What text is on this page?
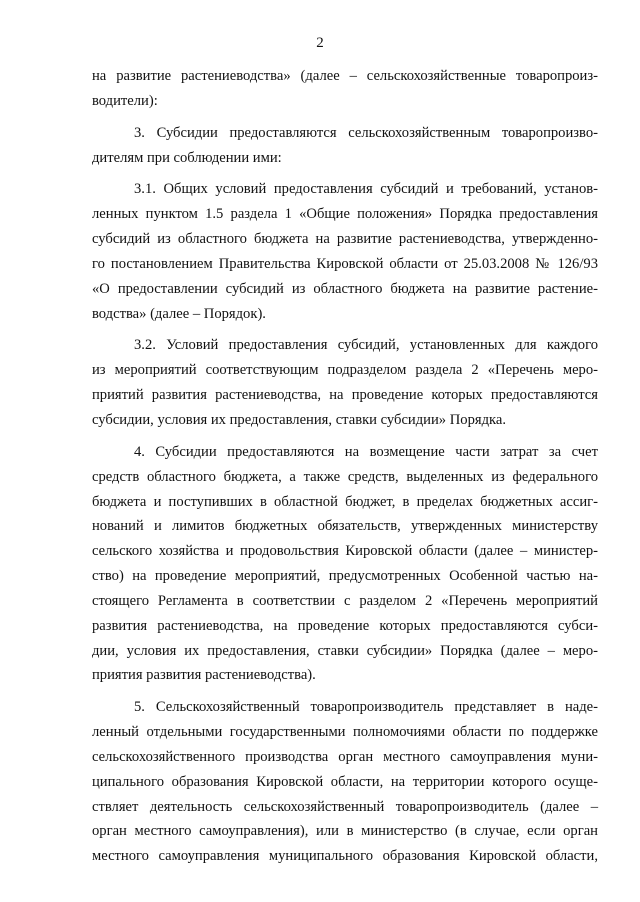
2
на развитие растениеводства» (далее – сельскохозяйственные товаропроиз-
водители):
3. Субсидии предоставляются сельскохозяйственным товаропроизво-
дителям при соблюдении ими:
3.1. Общих условий предоставления субсидий и требований, установ-
ленных пунктом 1.5 раздела 1 «Общие положения» Порядка предоставления
субсидий из областного бюджета на развитие растениеводства, утвержденно-
го постановлением Правительства Кировской области от 25.03.2008 № 126/93
«О предоставлении субсидий из областного бюджета на развитие растение-
водства» (далее – Порядок).
3.2. Условий предоставления субсидий, установленных для каждого
из мероприятий соответствующим подразделом раздела 2 «Перечень меро-
приятий развития растениеводства, на проведение которых предоставляются
субсидии, условия их предоставления, ставки субсидии» Порядка.
4. Субсидии предоставляются на возмещение части затрат за счет
средств областного бюджета, а также средств, выделенных из федерального
бюджета и поступивших в областной бюджет, в пределах бюджетных ассиг-
нований и лимитов бюджетных обязательств, утвержденных министерству
сельского хозяйства и продовольствия Кировской области (далее – министер-
ство) на проведение мероприятий, предусмотренных Особенной частью на-
стоящего Регламента в соответствии с разделом 2 «Перечень мероприятий
развития растениеводства, на проведение которых предоставляются субси-
дии, условия их предоставления, ставки субсидии» Порядка (далее – меро-
приятия развития растениеводства).
5. Сельскохозяйственный товаропроизводитель представляет в наде-
ленный отдельными государственными полномочиями области по поддержке
сельскохозяйственного производства орган местного самоуправления муни-
ципального образования Кировской области, на территории которого осуще-
ствляет деятельность сельскохозяйственный товаропроизводитель (далее –
орган местного самоуправления), или в министерство (в случае, если орган
местного самоуправления муниципального образования Кировской области,
